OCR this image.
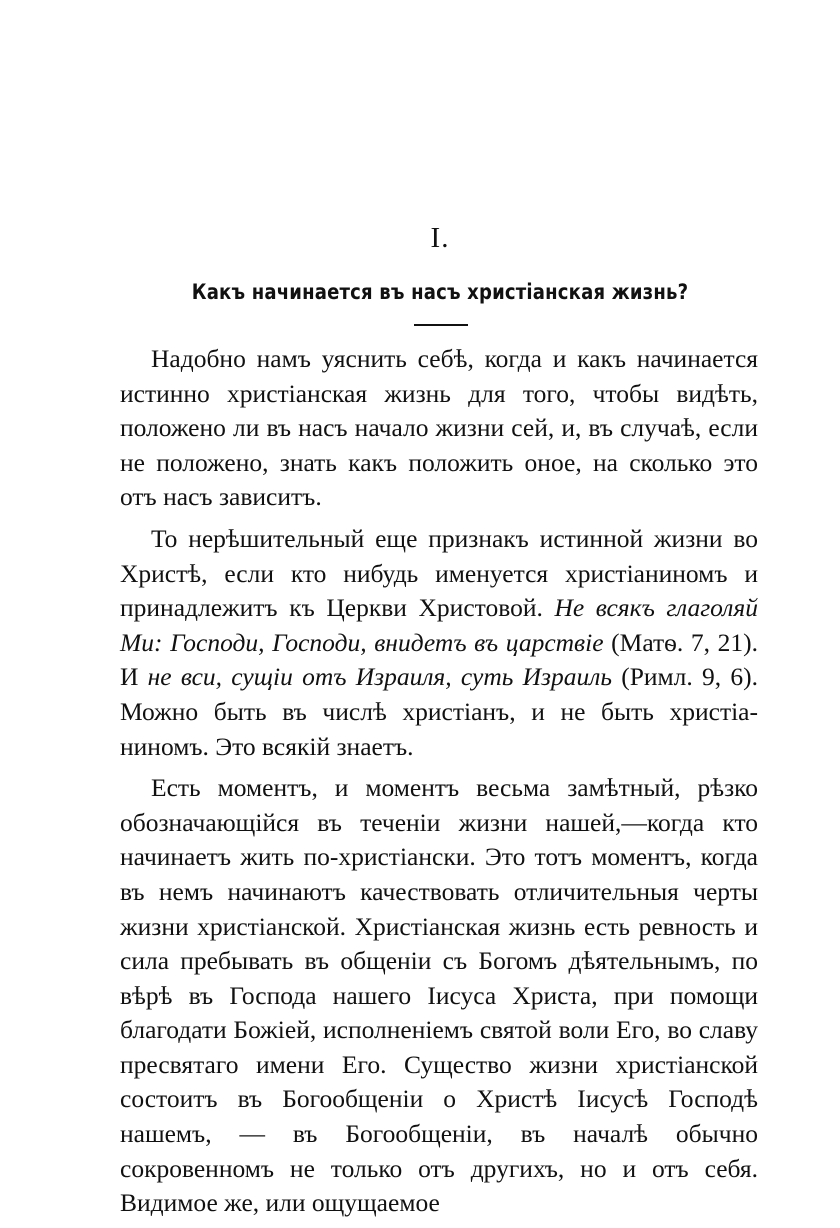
I.
Какъ начинается въ насъ христіанская жизнь?

Надобно намъ уяснить себѣ, когда и какъ начинается истинно христіанская жизнь для того, чтобы видѣть, положено ли въ насъ начало жизни сей, и, въ случаѣ, если не положено, знать какъ положить оное, на сколько это отъ насъ зависитъ.

То нерѣшительный еще признакъ истинной жизни во Христѣ, если кто нибудь именуется христіаниномъ и принадлежитъ къ Церкви Христовой. Не всякъ глаголяй Ми: Господи, Господи, внидетъ въ царствіе (Матѳ. 7, 21). И не вси, сущіи отъ Израиля, суть Израиль (Римл. 9, 6). Можно быть въ числѣ христіанъ, и не быть христіаниномъ. Это всякій знаетъ.

Есть моментъ, и моментъ весьма замѣтный, рѣзко обозначающійся въ теченіи жизни нашей,—когда кто начинаетъ жить по-христіански. Это тотъ моментъ, когда въ немъ начинаютъ качествовать отличительныя черты жизни христіанской. Христіанская жизнь есть ревность и сила пребывать въ общеніи съ Богомъ дѣятельнымъ, по вѣрѣ въ Господа нашего Іисуса Христа, при помощи благодати Божіей, исполненіемъ святой воли Его, во славу пресвятаго имени Его. Существо жизни христіанской состоитъ въ Богообщеніи о Христѣ Іисусѣ Господѣ нашемъ, — въ Богообщеніи, въ началѣ обычно сокровенномъ не только отъ другихъ, но и отъ себя. Видимое же, или ощущаемое
